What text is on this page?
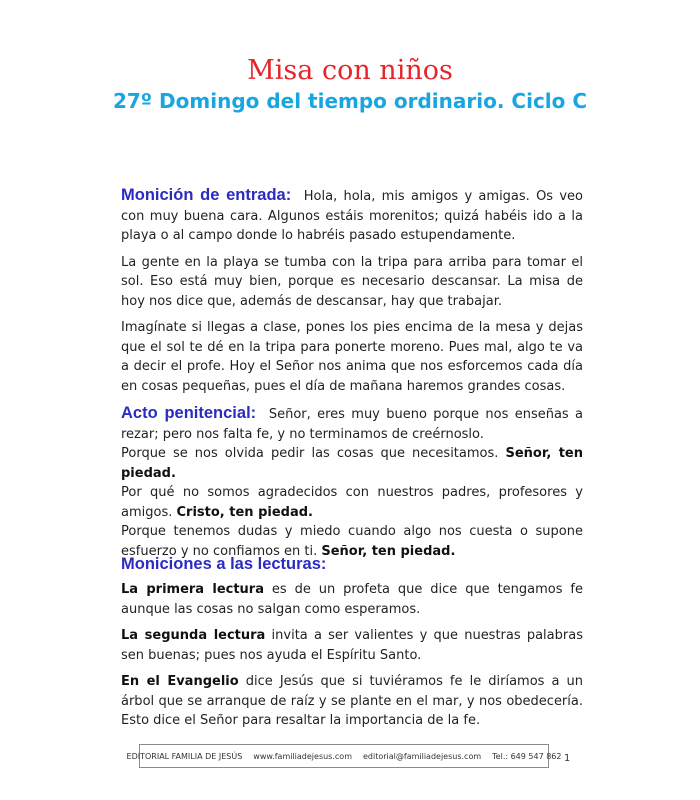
Misa con niños
27º Domingo del tiempo ordinario. Ciclo C

Monición de entrada: Hola, hola, mis amigos y amigas. Os veo con muy buena cara. Algunos estáis morenitos; quizá habéis ido a la playa o al campo donde lo habréis pasado estupendamente.

La gente en la playa se tumba con la tripa para arriba para tomar el sol. Eso está muy bien, porque es necesario descansar. La misa de hoy nos dice que, además de descansar, hay que trabajar.

Imagínate si llegas a clase, pones los pies encima de la mesa y dejas que el sol te dé en la tripa para ponerte moreno. Pues mal, algo te va a decir el profe. Hoy el Señor nos anima que nos esforcemos cada día en cosas pequeñas, pues el día de mañana haremos grandes cosas.

Acto penitencial: Señor, eres muy bueno porque nos enseñas a rezar; pero nos falta fe, y no terminamos de creérnoslo.

Porque se nos olvida pedir las cosas que necesitamos. Señor, ten piedad.

Por qué no somos agradecidos con nuestros padres, profesores y amigos. Cristo, ten piedad.

Porque tenemos dudas y miedo cuando algo nos cuesta o supone esfuerzo y no confiamos en ti. Señor, ten piedad.

Moniciones a las lecturas:

La primera lectura es de un profeta que dice que tengamos fe aunque las cosas no salgan como esperamos.

La segunda lectura invita a ser valientes y que nuestras palabras sen buenas; pues nos ayuda el Espíritu Santo.

En el Evangelio dice Jesús que si tuviéramos fe le diríamos a un árbol que se arranque de raíz y se plante en el mar, y nos obedecería. Esto dice el Señor para resaltar la importancia de la fe.

EDITORIAL FAMILIA DE JESÚS www.familiadejesus.com editorial@familiadejesus.com Tel.: 649 547 862 1
